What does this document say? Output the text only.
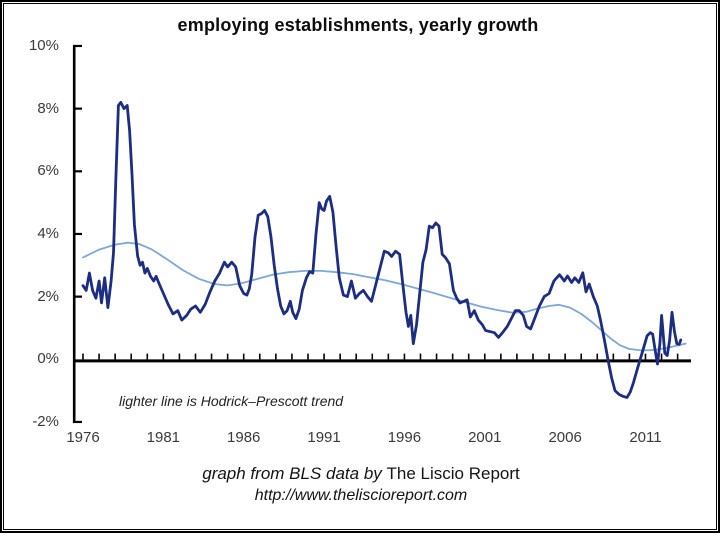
employing establishments, yearly growth
10%
8%
6%
4%
2%
0%
-2%
1976	1981	1986	1991	1996	2001	2006	2011
lighter line is Hodrick–Prescott trend
graph from BLS data by The Liscio Report
http://www.theliscioreport.com
